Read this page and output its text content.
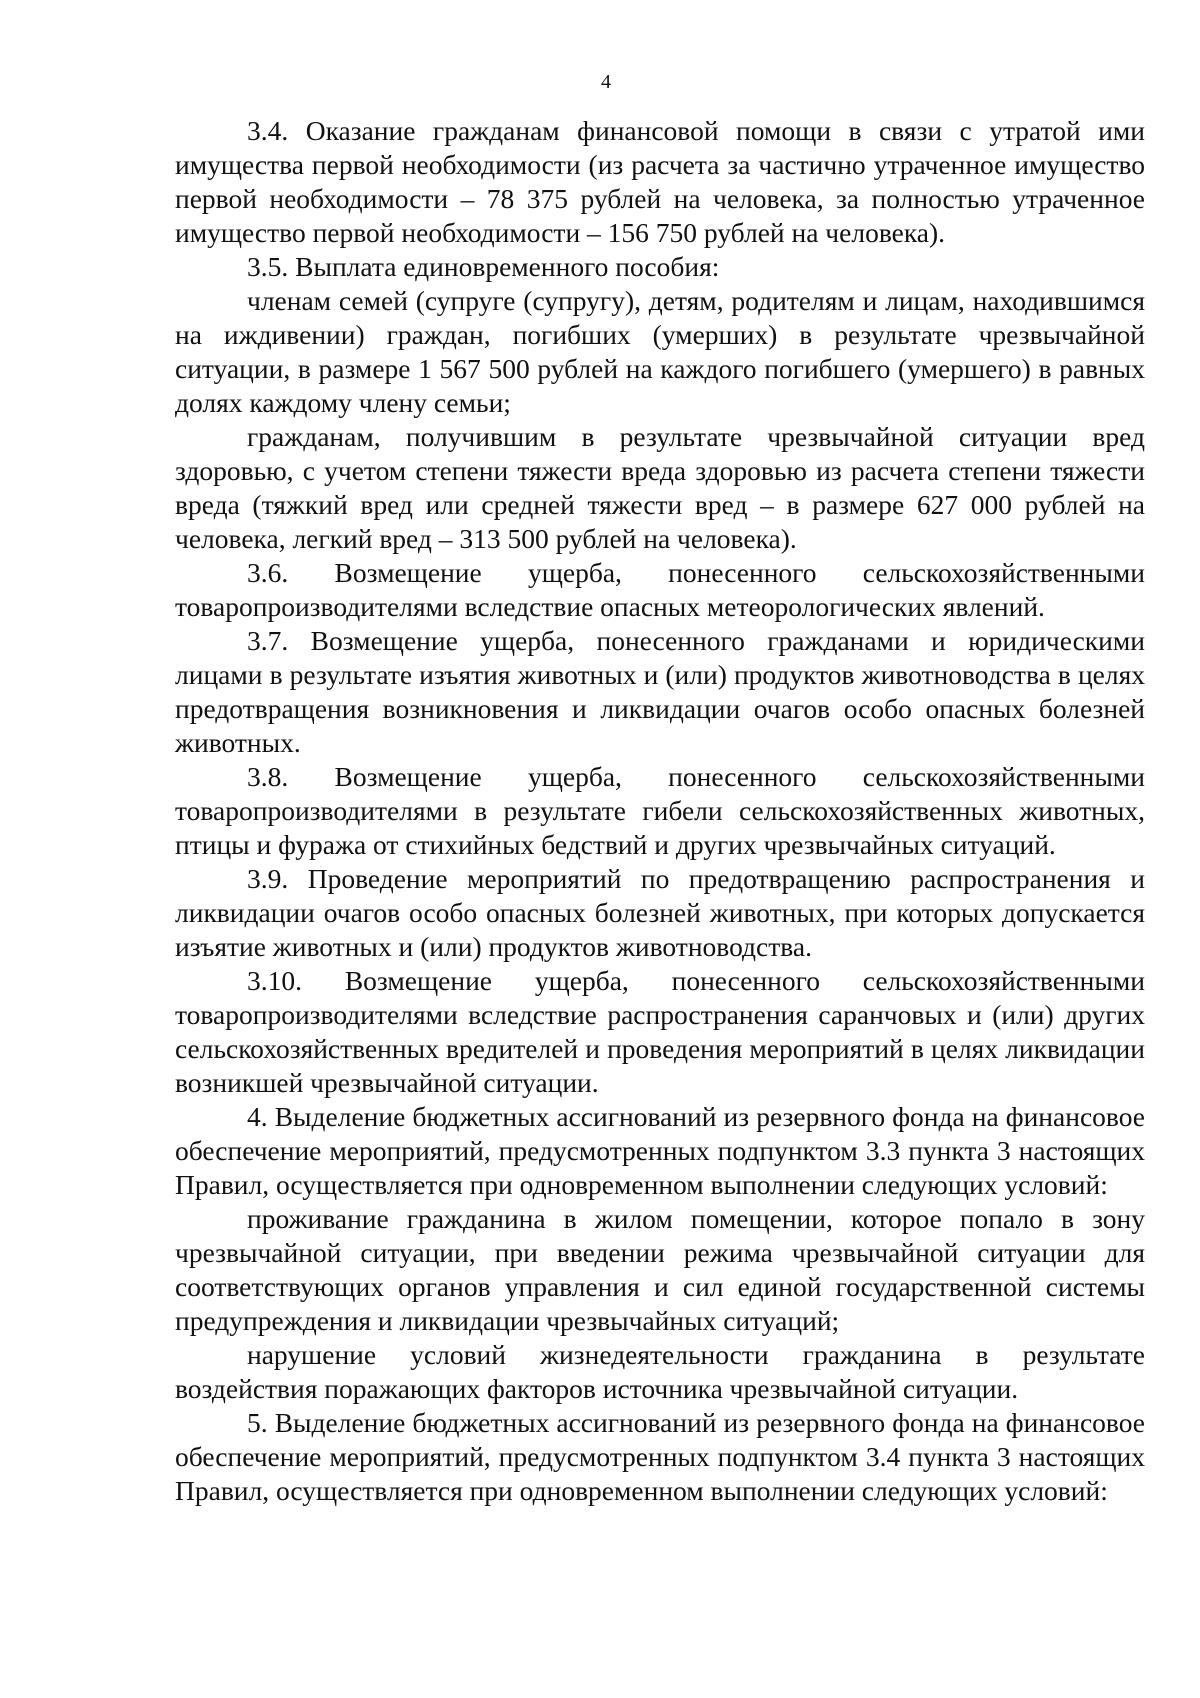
4

3.4. Оказание гражданам финансовой помощи в связи с утратой ими имущества первой необходимости (из расчета за частично утраченное имущество первой необходимости – 78 375 рублей на человека, за полностью утраченное имущество первой необходимости – 156 750 рублей на человека).

3.5. Выплата единовременного пособия:

членам семей (супруге (супругу), детям, родителям и лицам, находившимся на иждивении) граждан, погибших (умерших) в результате чрезвычайной ситуации, в размере 1 567 500 рублей на каждого погибшего (умершего) в равных долях каждому члену семьи;

гражданам, получившим в результате чрезвычайной ситуации вред здоровью, с учетом степени тяжести вреда здоровью из расчета степени тяжести вреда (тяжкий вред или средней тяжести вред – в размере 627 000 рублей на человека, легкий вред – 313 500 рублей на человека).

3.6. Возмещение ущерба, понесенного сельскохозяйственными товаропроизводителями вследствие опасных метеорологических явлений.

3.7. Возмещение ущерба, понесенного гражданами и юридическими лицами в результате изъятия животных и (или) продуктов животноводства в целях предотвращения возникновения и ликвидации очагов особо опасных болезней животных.

3.8. Возмещение ущерба, понесенного сельскохозяйственными товаропроизводителями в результате гибели сельскохозяйственных животных, птицы и фуража от стихийных бедствий и других чрезвычайных ситуаций.

3.9. Проведение мероприятий по предотвращению распространения и ликвидации очагов особо опасных болезней животных, при которых допускается изъятие животных и (или) продуктов животноводства.

3.10. Возмещение ущерба, понесенного сельскохозяйственными товаропроизводителями вследствие распространения саранчовых и (или) других сельскохозяйственных вредителей и проведения мероприятий в целях ликвидации возникшей чрезвычайной ситуации.

4. Выделение бюджетных ассигнований из резервного фонда на финансовое обеспечение мероприятий, предусмотренных подпунктом 3.3 пункта 3 настоящих Правил, осуществляется при одновременном выполнении следующих условий:

проживание гражданина в жилом помещении, которое попало в зону чрезвычайной ситуации, при введении режима чрезвычайной ситуации для соответствующих органов управления и сил единой государственной системы предупреждения и ликвидации чрезвычайных ситуаций;

нарушение условий жизнедеятельности гражданина в результате воздействия поражающих факторов источника чрезвычайной ситуации.

5. Выделение бюджетных ассигнований из резервного фонда на финансовое обеспечение мероприятий, предусмотренных подпунктом 3.4 пункта 3 настоящих Правил, осуществляется при одновременном выполнении следующих условий:
